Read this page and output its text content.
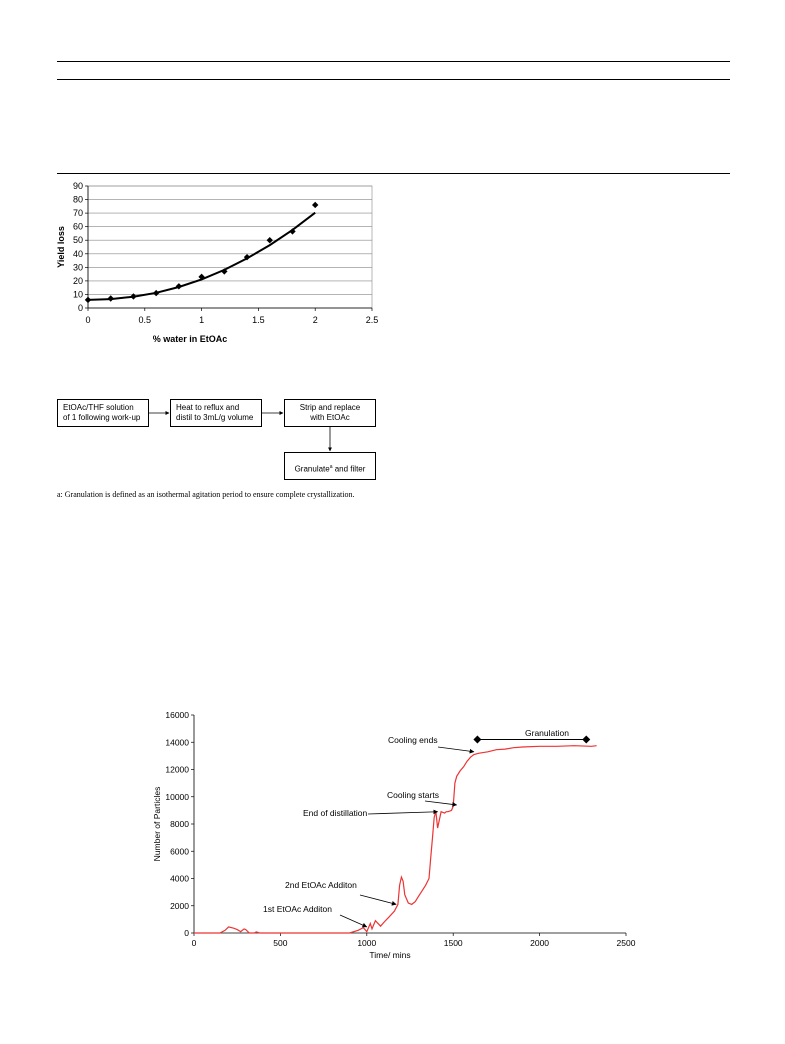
0
10
20
30
40
50
60
70
80
90
0	0.5	1	1.5	2	2.5
% water in EtOAc
Yield loss
EtOAc/THF solution
of 1 following work-up
Heat to reflux and
distil to 3mL/g volume
Strip and replace
with EtOAc
Granulate$^a$ and filter
a: Granulation is defined as an isothermal agitation period to ensure complete crystallization.
0
2000
4000
6000
8000
10000
12000
14000
16000
0	500	1000	1500	2000	2500
Time/ mins
Number of Particles
Cooling ends
Granulation
Cooling starts
End of distillation
2nd EtOAc Additon
1st EtOAc Additon
